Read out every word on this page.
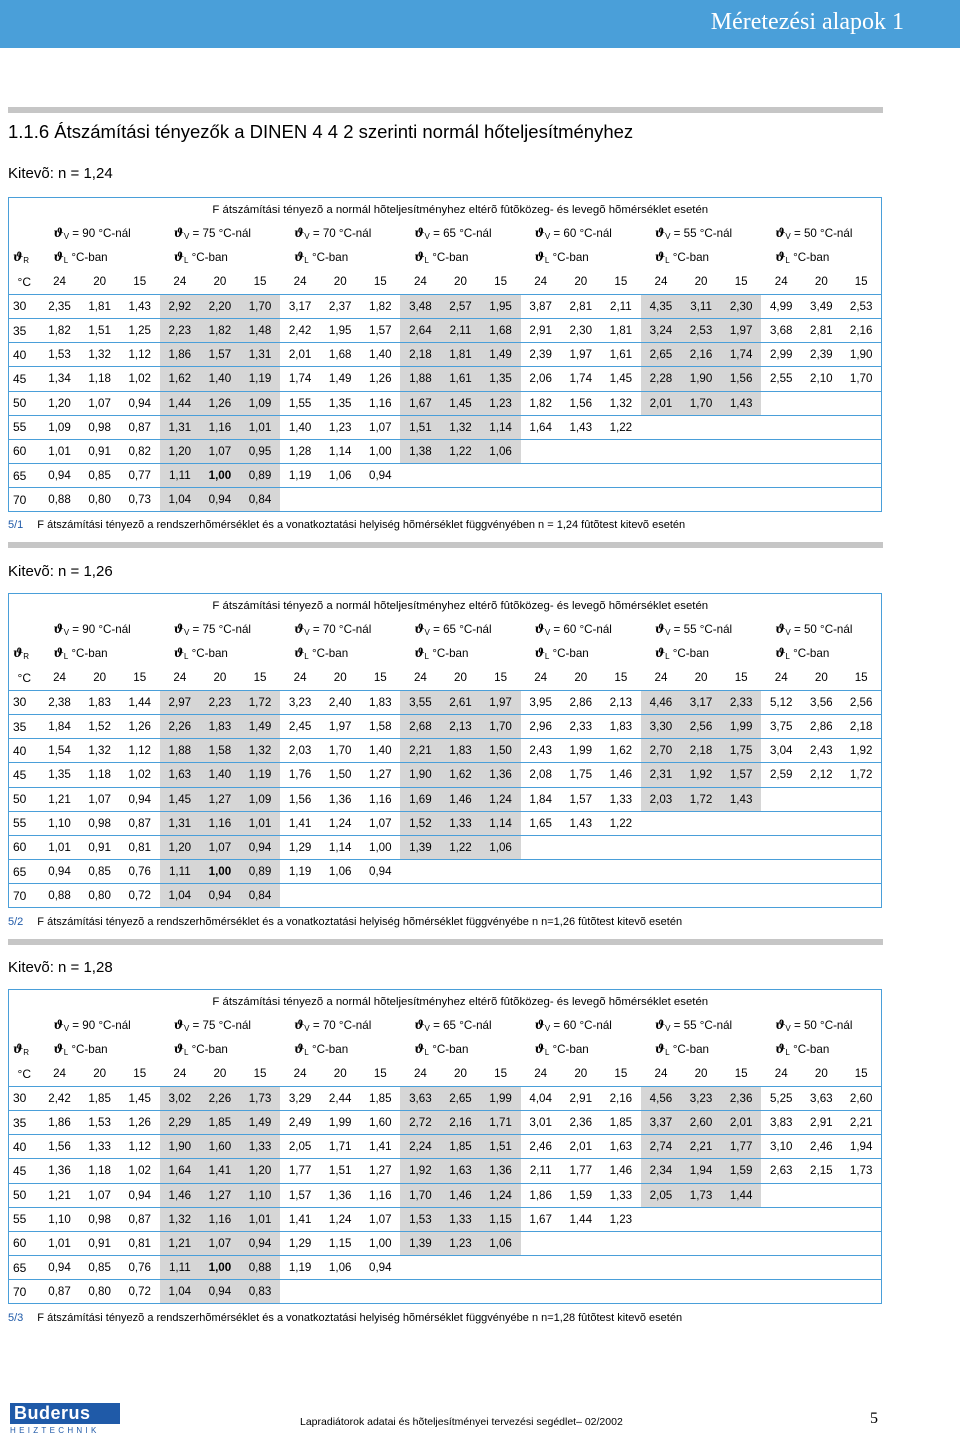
Méretezési alapok 1
1.1.6 Átszámítási tényezők a DINEN 4 4 2 szerinti normál hőteljesítményhez
Kitevõ: n = 1,24
	F átszámítási tényezõ a normál hõteljesítményhez eltérõ fûtõközeg- és levegõ hõmérséklet esetén																				
	$ϑ_V = 90$ °C-nál			$ϑ_V = 75$ °C-nál			$ϑ_V = 70$ °C-nál			$ϑ_V = 65$ °C-nál			$ϑ_V = 60$ °C-nál			$ϑ_V = 55$ °C-nál			$ϑ_V = 50$ °C-nál		
$ϑ_R$	$ϑ_L$ °C-ban			$ϑ_L$ °C-ban			$ϑ_L$ °C-ban			$ϑ_L$ °C-ban			$ϑ_L$ °C-ban			$ϑ_L$ °C-ban			$ϑ_L$ °C-ban		
°C	24	20	15	24	20	15	24	20	15	24	20	15	24	20	15	24	20	15	24	20	15
30	2,35	1,81	1,43	2,92	2,20	1,70	3,17	2,37	1,82	3,48	2,57	1,95	3,87	2,81	2,11	4,35	3,11	2,30	4,99	3,49	2,53
35	1,82	1,51	1,25	2,23	1,82	1,48	2,42	1,95	1,57	2,64	2,11	1,68	2,91	2,30	1,81	3,24	2,53	1,97	3,68	2,81	2,16
40	1,53	1,32	1,12	1,86	1,57	1,31	2,01	1,68	1,40	2,18	1,81	1,49	2,39	1,97	1,61	2,65	2,16	1,74	2,99	2,39	1,90
45	1,34	1,18	1,02	1,62	1,40	1,19	1,74	1,49	1,26	1,88	1,61	1,35	2,06	1,74	1,45	2,28	1,90	1,56	2,55	2,10	1,70
50	1,20	1,07	0,94	1,44	1,26	1,09	1,55	1,35	1,16	1,67	1,45	1,23	1,82	1,56	1,32	2,01	1,70	1,43			
55	1,09	0,98	0,87	1,31	1,16	1,01	1,40	1,23	1,07	1,51	1,32	1,14	1,64	1,43	1,22						
60	1,01	0,91	0,82	1,20	1,07	0,95	1,28	1,14	1,00	1,38	1,22	1,06									
65	0,94	0,85	0,77	1,11	1,00	0,89	1,19	1,06	0,94												
70	0,88	0,80	0,73	1,04	0,94	0,84															
5/1 F átszámítási tényezõ a rendszerhõmérséklet és a vonatkoztatási helyiség hõmérséklet függvényében n = 1,24 fûtõtest kitevõ esetén
Kitevõ: n = 1,26
	F átszámítási tényezõ a normál hõteljesítményhez eltérõ fûtõközeg- és levegõ hõmérséklet esetén																				
	$ϑ_V = 90$ °C-nál			$ϑ_V = 75$ °C-nál			$ϑ_V = 70$ °C-nál			$ϑ_V = 65$ °C-nál			$ϑ_V = 60$ °C-nál			$ϑ_V = 55$ °C-nál			$ϑ_V = 50$ °C-nál		
$ϑ_R$	$ϑ_L$ °C-ban			$ϑ_L$ °C-ban			$ϑ_L$ °C-ban			$ϑ_L$ °C-ban			$ϑ_L$ °C-ban			$ϑ_L$ °C-ban			$ϑ_L$ °C-ban		
°C	24	20	15	24	20	15	24	20	15	24	20	15	24	20	15	24	20	15	24	20	15
30	2,38	1,83	1,44	2,97	2,23	1,72	3,23	2,40	1,83	3,55	2,61	1,97	3,95	2,86	2,13	4,46	3,17	2,33	5,12	3,56	2,56
35	1,84	1,52	1,26	2,26	1,83	1,49	2,45	1,97	1,58	2,68	2,13	1,70	2,96	2,33	1,83	3,30	2,56	1,99	3,75	2,86	2,18
40	1,54	1,32	1,12	1,88	1,58	1,32	2,03	1,70	1,40	2,21	1,83	1,50	2,43	1,99	1,62	2,70	2,18	1,75	3,04	2,43	1,92
45	1,35	1,18	1,02	1,63	1,40	1,19	1,76	1,50	1,27	1,90	1,62	1,36	2,08	1,75	1,46	2,31	1,92	1,57	2,59	2,12	1,72
50	1,21	1,07	0,94	1,45	1,27	1,09	1,56	1,36	1,16	1,69	1,46	1,24	1,84	1,57	1,33	2,03	1,72	1,43			
55	1,10	0,98	0,87	1,31	1,16	1,01	1,41	1,24	1,07	1,52	1,33	1,14	1,65	1,43	1,22						
60	1,01	0,91	0,81	1,20	1,07	0,94	1,29	1,14	1,00	1,39	1,22	1,06									
65	0,94	0,85	0,76	1,11	1,00	0,89	1,19	1,06	0,94												
70	0,88	0,80	0,72	1,04	0,94	0,84															
5/2 F átszámítási tényezõ a rendszerhõmérséklet és a vonatkoztatási helyiség hõmérséklet függvényébe n n=1,26 fûtõtest kitevõ esetén
Kitevõ: n = 1,28
	F átszámítási tényezõ a normál hõteljesítményhez eltérõ fûtõközeg- és levegõ hõmérséklet esetén																				
	$ϑ_V = 90$ °C-nál			$ϑ_V = 75$ °C-nál			$ϑ_V = 70$ °C-nál			$ϑ_V = 65$ °C-nál			$ϑ_V = 60$ °C-nál			$ϑ_V = 55$ °C-nál			$ϑ_V = 50$ °C-nál		
$ϑ_R$	$ϑ_L$ °C-ban			$ϑ_L$ °C-ban			$ϑ_L$ °C-ban			$ϑ_L$ °C-ban			$ϑ_L$ °C-ban			$ϑ_L$ °C-ban			$ϑ_L$ °C-ban		
°C	24	20	15	24	20	15	24	20	15	24	20	15	24	20	15	24	20	15	24	20	15
30	2,42	1,85	1,45	3,02	2,26	1,73	3,29	2,44	1,85	3,63	2,65	1,99	4,04	2,91	2,16	4,56	3,23	2,36	5,25	3,63	2,60
35	1,86	1,53	1,26	2,29	1,85	1,49	2,49	1,99	1,60	2,72	2,16	1,71	3,01	2,36	1,85	3,37	2,60	2,01	3,83	2,91	2,21
40	1,56	1,33	1,12	1,90	1,60	1,33	2,05	1,71	1,41	2,24	1,85	1,51	2,46	2,01	1,63	2,74	2,21	1,77	3,10	2,46	1,94
45	1,36	1,18	1,02	1,64	1,41	1,20	1,77	1,51	1,27	1,92	1,63	1,36	2,11	1,77	1,46	2,34	1,94	1,59	2,63	2,15	1,73
50	1,21	1,07	0,94	1,46	1,27	1,10	1,57	1,36	1,16	1,70	1,46	1,24	1,86	1,59	1,33	2,05	1,73	1,44			
55	1,10	0,98	0,87	1,32	1,16	1,01	1,41	1,24	1,07	1,53	1,33	1,15	1,67	1,44	1,23						
60	1,01	0,91	0,81	1,21	1,07	0,94	1,29	1,15	1,00	1,39	1,23	1,06									
65	0,94	0,85	0,76	1,11	1,00	0,88	1,19	1,06	0,94												
70	0,87	0,80	0,72	1,04	0,94	0,83															
5/3 F átszámítási tényezõ a rendszerhõmérséklet és a vonatkoztatási helyiség hõmérséklet függvényébe n n=1,28 fûtõtest kitevõ esetén
Buderus
HEIZTECHNIK
Lapradiátorok adatai és hõteljesítményei tervezési segédlet– 02/2002	5
